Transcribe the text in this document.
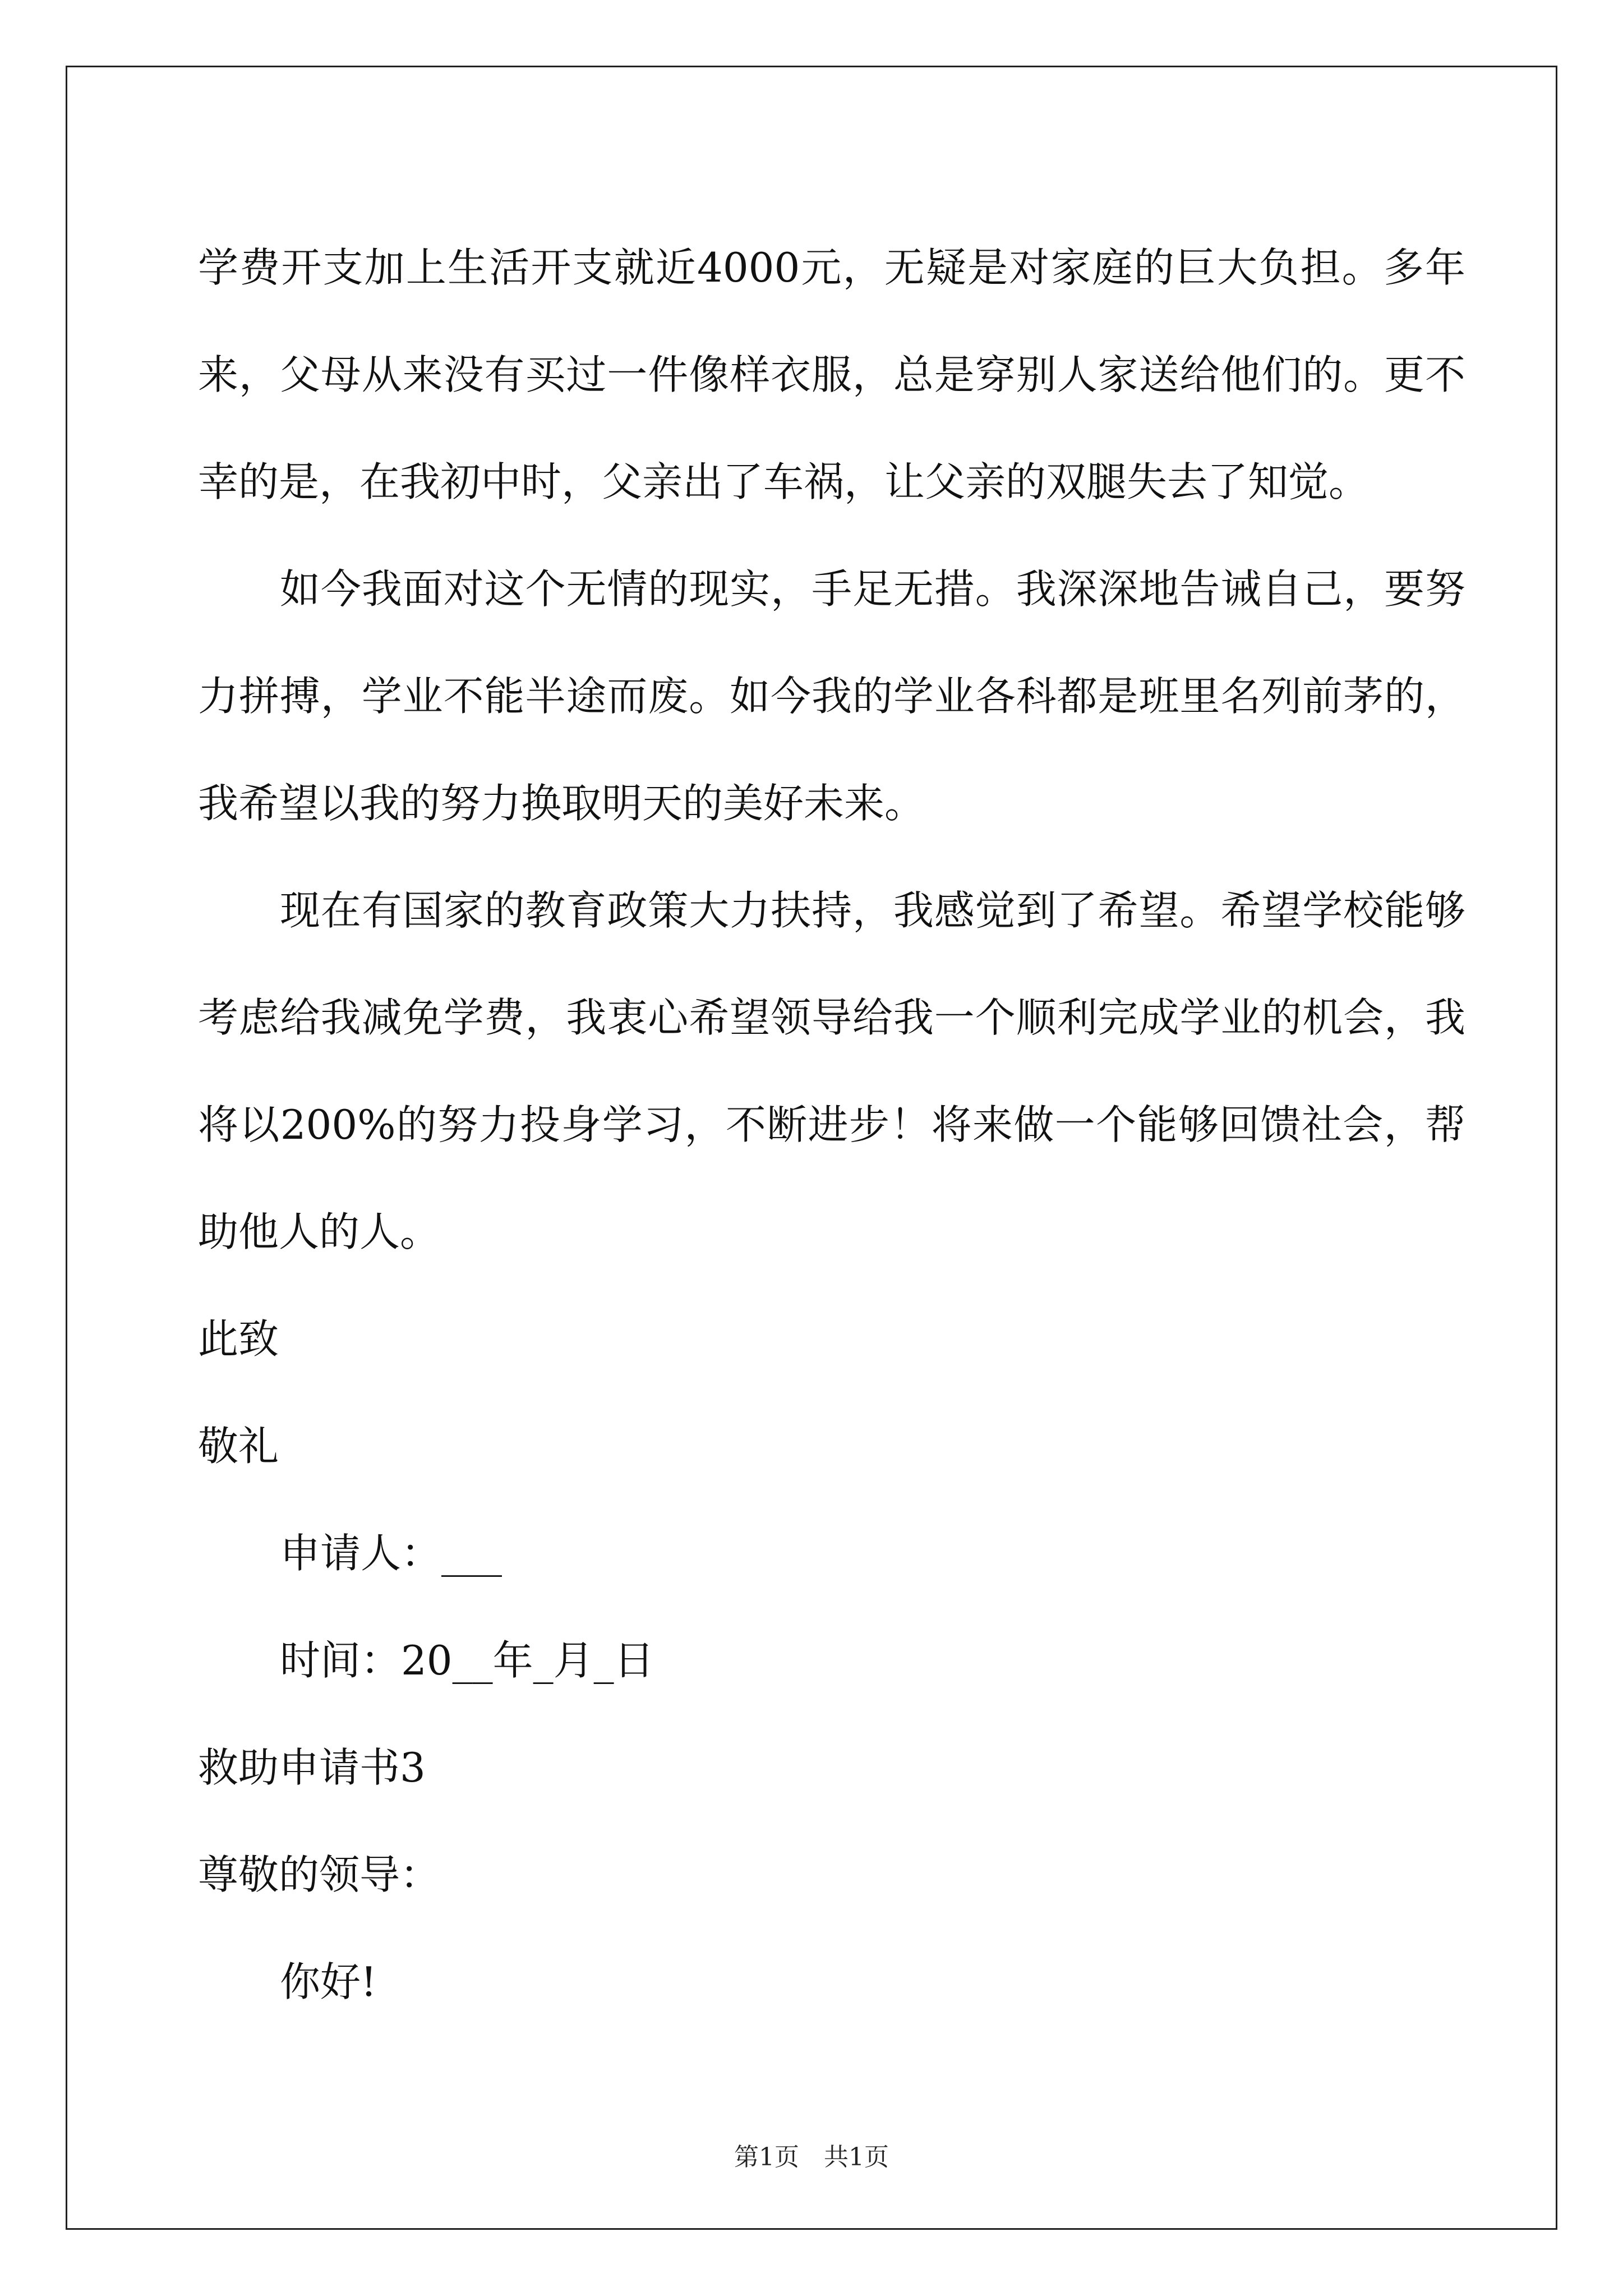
学费开支加上生活开支就近4000元，无疑是对家庭的巨大负担。多年来，父母从来没有买过一件像样衣服，总是穿别人家送给他们的。更不幸的是，在我初中时，父亲出了车祸，让父亲的双腿失去了知觉。

如今我面对这个无情的现实，手足无措。我深深地告诫自己，要努力拼搏，学业不能半途而废。如今我的学业各科都是班里名列前茅的，我希望以我的努力换取明天的美好未来。

现在有国家的教育政策大力扶持，我感觉到了希望。希望学校能够考虑给我减免学费，我衷心希望领导给我一个顺利完成学业的机会，我将以200%的努力投身学习，不断进步！将来做一个能够回馈社会，帮助他人的人。

此致

敬礼

申请人：___

时间：20__年_月_日

救助申请书3

尊敬的领导：

你好!

第1页　共1页
